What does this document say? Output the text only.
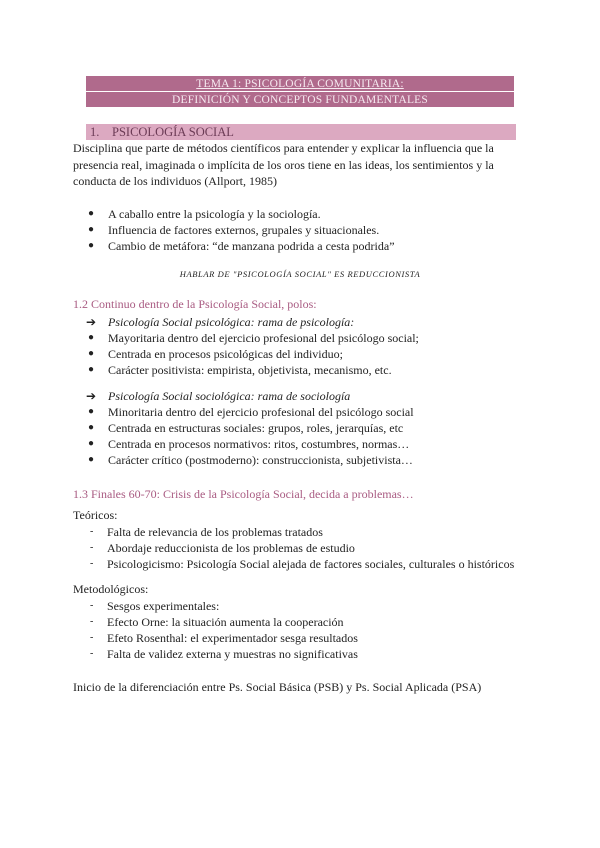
TEMA 1: PSICOLOGÍA COMUNITARIA:
DEFINICIÓN Y CONCEPTOS FUNDAMENTALES
1.	PSICOLOGÍA SOCIAL

Disciplina que parte de métodos científicos para entender y explicar la influencia que la presencia real, imaginada o implícita de los oros tiene en las ideas, los sentimientos y la conducta de los individuos (Allport, 1985)

● A caballo entre la psicología y la sociología.
● Influencia de factores externos, grupales y situacionales.
● Cambio de metáfora: “de manzana podrida a cesta podrida”
HABLAR DE "PSICOLOGÍA SOCIAL" ES REDUCCIONISTA
1.2 Continuo dentro de la Psicología Social, polos:
➔ Psicología Social psicológica: rama de psicología:
● Mayoritaria dentro del ejercicio profesional del psicólogo social;
● Centrada en procesos psicológicas del individuo;
● Carácter positivista: empirista, objetivista, mecanismo, etc.
➔ Psicología Social sociológica: rama de sociología
● Minoritaria dentro del ejercicio profesional del psicólogo social
● Centrada en estructuras sociales: grupos, roles, jerarquías, etc
● Centrada en procesos normativos: ritos, costumbres, normas…
● Carácter crítico (postmoderno): construccionista, subjetivista…
1.3 Finales 60-70: Crisis de la Psicología Social, decida a problemas…
Teóricos:
- Falta de relevancia de los problemas tratados
- Abordaje reduccionista de los problemas de estudio
- Psicologicismo: Psicología Social alejada de factores sociales, culturales o históricos
Metodológicos:
- Sesgos experimentales:
- Efecto Orne: la situación aumenta la cooperación
- Efeto Rosenthal: el experimentador sesga resultados
- Falta de validez externa y muestras no significativas
Inicio de la diferenciación entre Ps. Social Básica (PSB) y Ps. Social Aplicada (PSA)
